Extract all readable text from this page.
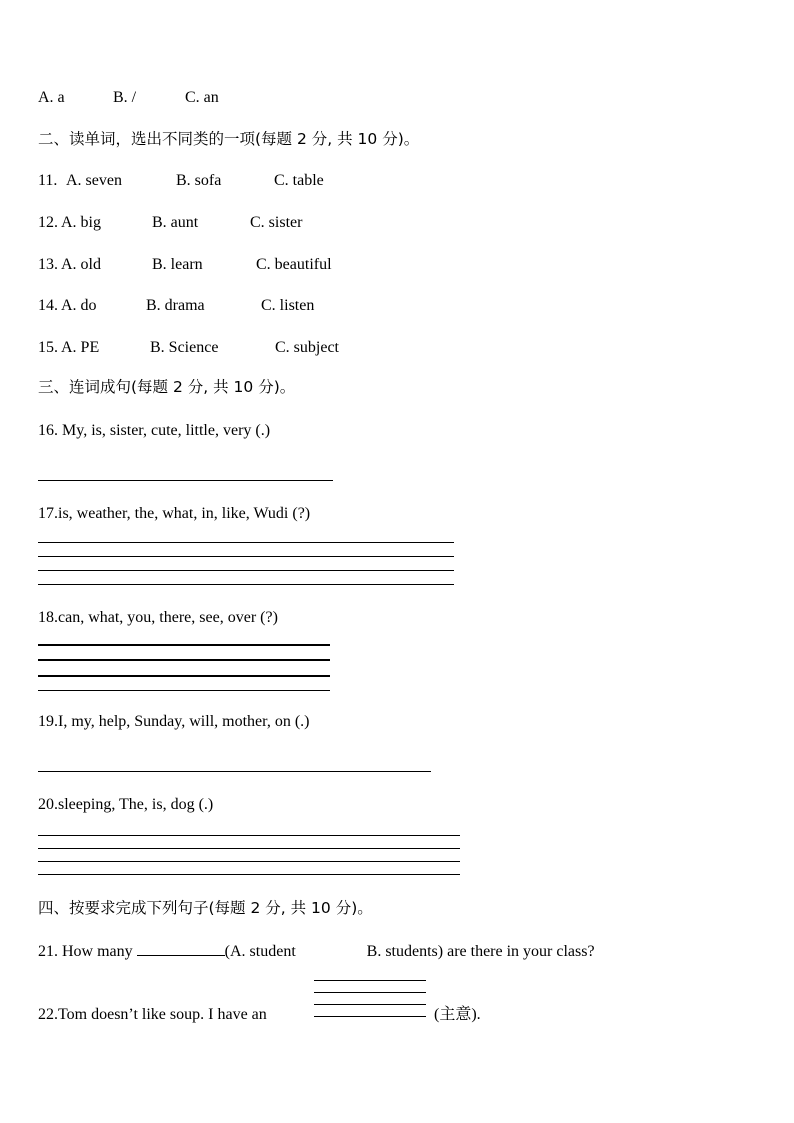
A. a	B. /	C. an
二、读单词，选出不同类的一项(每题 2 分, 共 10 分)。
11. A. seven	B. sofa	C. table
12. A. big	B. aunt	C. sister
13. A. old	B. learn	C. beautiful
14. A. do	B. drama	C. listen
15. A. PE	B. Science	C. subject
三、连词成句(每题 2 分, 共 10 分)。
16. My, is, sister, cute, little, very (.)
17.is, weather, the, what, in, like, Wudi (?)
18.can, what, you, there, see, over (?)
19.I, my, help, Sunday, will, mother, on (.)
20.sleeping, The, is, dog (.)
四、按要求完成下列句子(每题 2 分, 共 10 分)。
21. How many	(A. student	B. students) are there in your class?
22.Tom doesn’t like soup. I have an	(主意).
